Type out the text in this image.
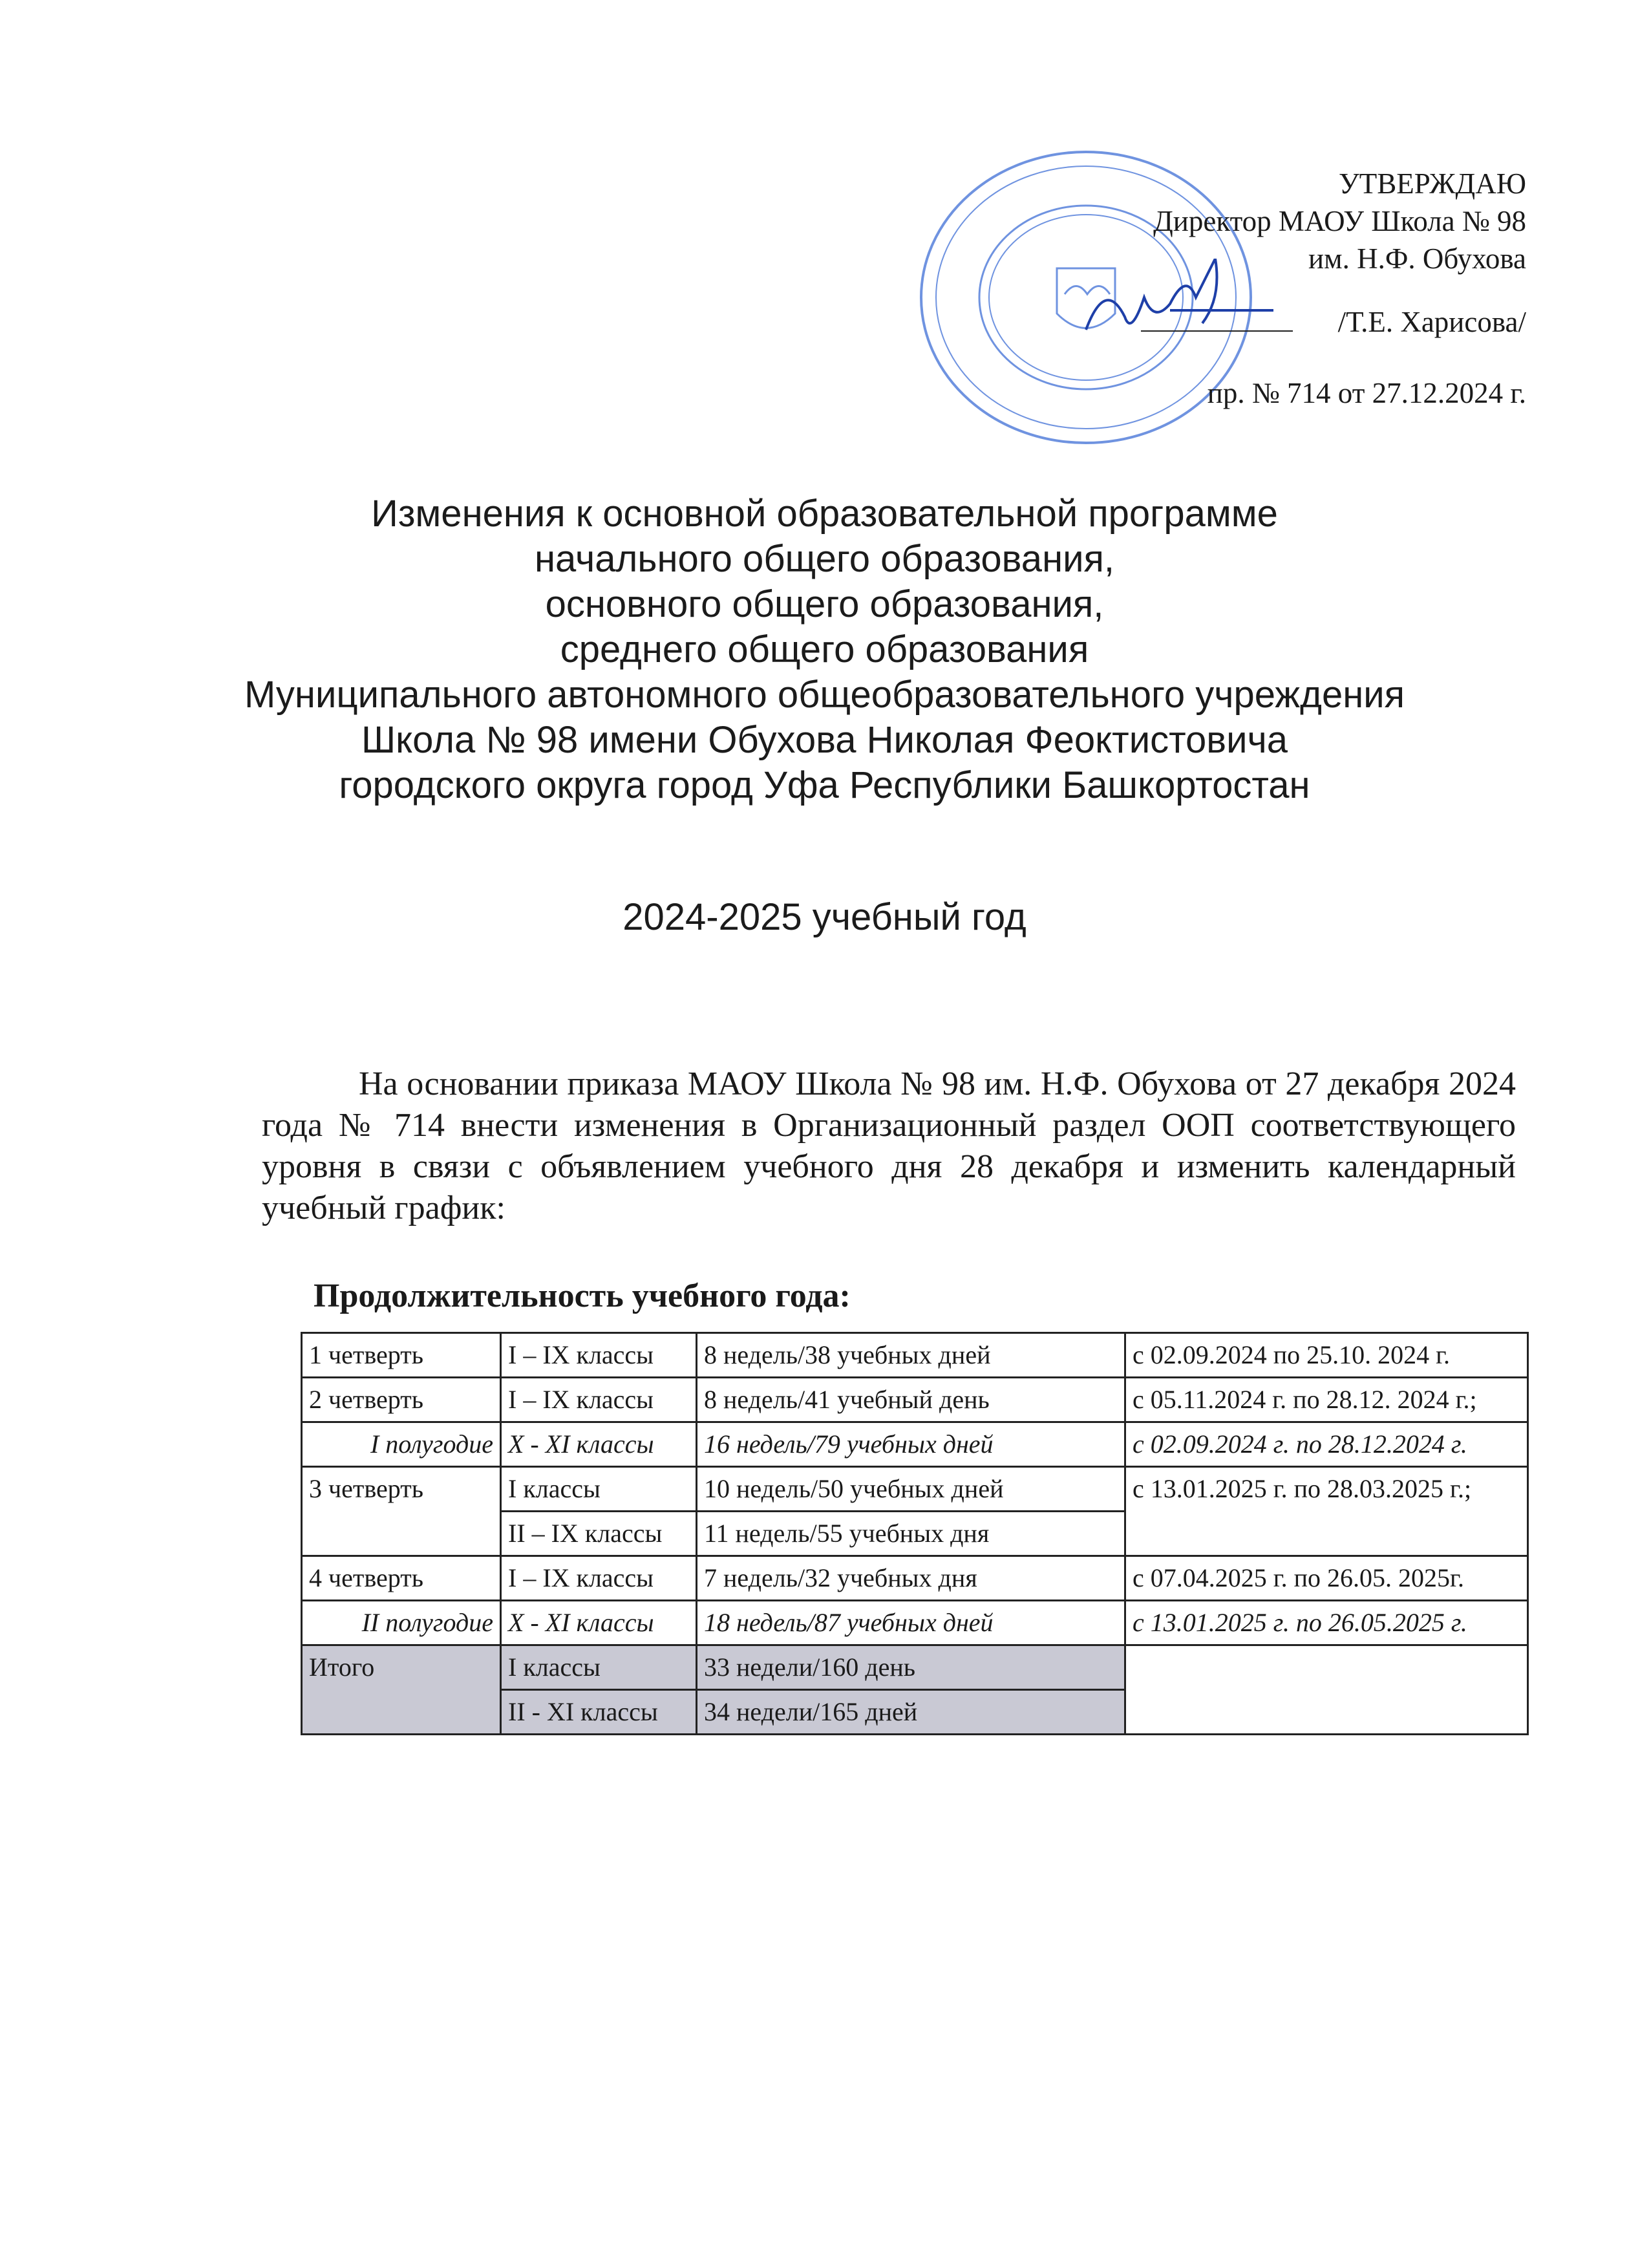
УТВЕРЖДАЮ
Директор МАОУ Школа № 98
им. Н.Ф. Обухова
/Т.Е. Харисова/
пр. № 714 от 27.12.2024 г.
Изменения к основной образовательной программе
начального общего образования,
основного общего образования,
среднего общего образования
Муниципального автономного общеобразовательного учреждения
Школа № 98 имени Обухова Николая Феоктистовича
городского округа город Уфа Республики Башкортостан
2024-2025 учебный год
На основании приказа МАОУ Школа № 98 им. Н.Ф. Обухова от 27 декабря 2024 года № 714 внести изменения в Организационный раздел ООП соответствующего уровня в связи с объявлением учебного дня 28 декабря и изменить календарный учебный график:
Продолжительность учебного года:
1 четверть	I – IX классы	8 недель/38 учебных дней	с 02.09.2024 по 25.10. 2024 г.
2 четверть	I – IX классы	8 недель/41 учебный день	с 05.11.2024 г. по 28.12. 2024 г.;
I полугодие	X - XI классы	16 недель/79 учебных дней	с 02.09.2024 г. по 28.12.2024 г.
3 четверть	I классы	10 недель/50 учебных дней	с 13.01.2025 г. по 28.03.2025 г.;
	II – IX классы	11 недель/55 учебных дня	
4 четверть	I – IX классы	7 недель/32 учебных дня	с 07.04.2025 г. по 26.05. 2025г.
II полугодие	X - XI классы	18 недель/87 учебных дней	с 13.01.2025 г. по 26.05.2025 г.
Итого	I классы	33 недели/160 день	
	II - XI классы	34 недели/165 дней	
